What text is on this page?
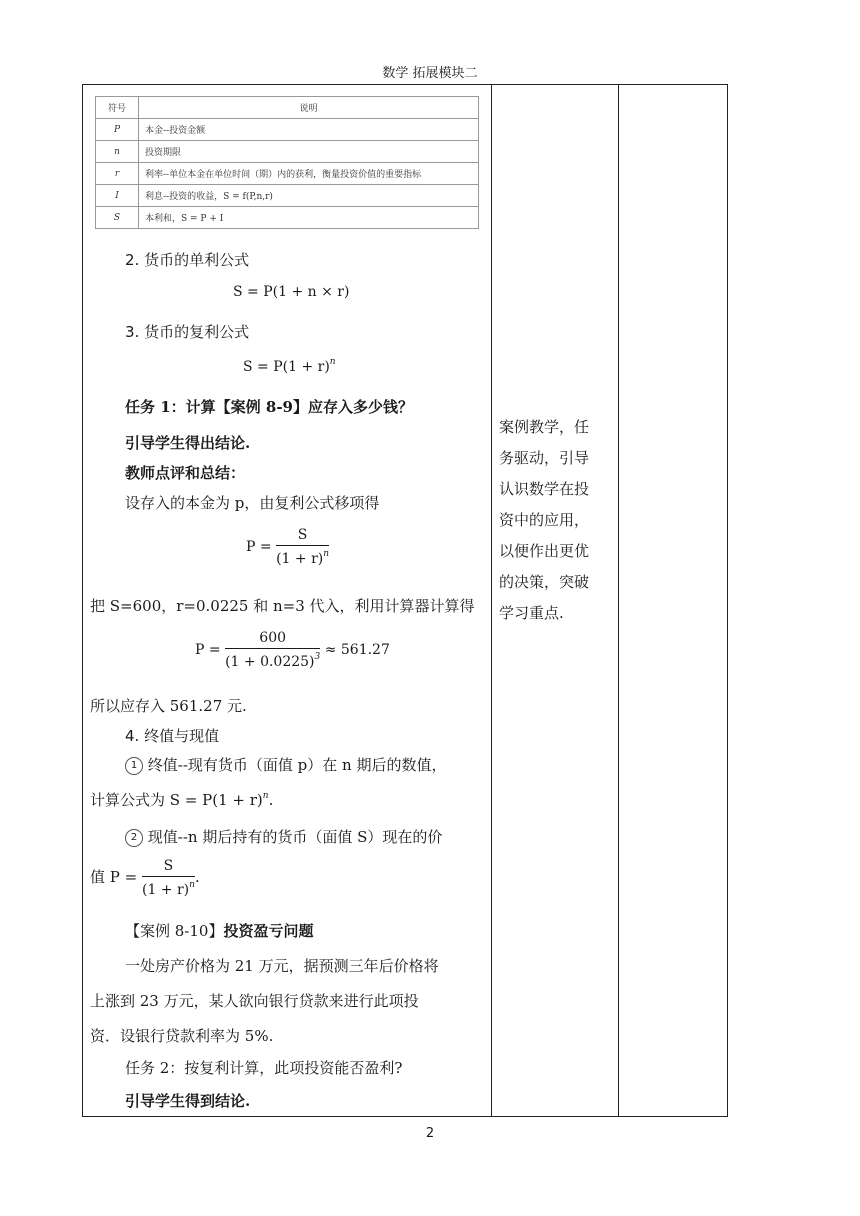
数学 拓展模块二
符号	说明
P	本金--投资金额
n	投资期限
r	利率--单位本金在单位时间（期）内的获利，衡量投资价值的重要指标
I	利息--投资的收益，S = f(P,n,r)
S	本利和，S = P + I
2. 货币的单利公式
S = P(1 + n × r)
3. 货币的复利公式
$S = P(1 + r)^n$
任务 1：计算【案例 8-9】应存入多少钱？
引导学生得出结论.
教师点评和总结：
设存入的本金为 p，由复利公式移项得
$P = \frac{S}{(1 + r)^n}$
把 S=600，r=0.0225 和 n=3 代入，利用计算器计算得
$P = \frac{600}{(1 + 0.0225)^3} \approx 561.27$
所以应存入 561.27 元.
4. 终值与现值
1 终值--现有货币（面值 p）在 n 期后的数值，
计算公式为 $S = P(1 + r)^n$.
2 现值--n 期后持有的货币（面值 S）现在的价
值 $P = \frac{S}{(1 + r)^n}$ .
【案例 8-10】投资盈亏问题
一处房产价格为 21 万元，据预测三年后价格将
上涨到 23 万元，某人欲向银行贷款来进行此项投
资．设银行贷款利率为 5%.
任务 2：按复利计算，此项投资能否盈利?
引导学生得到结论.
案例教学，任
务驱动，引导
认识数学在投
资中的应用，
以便作出更优
的决策，突破
学习重点.
2
